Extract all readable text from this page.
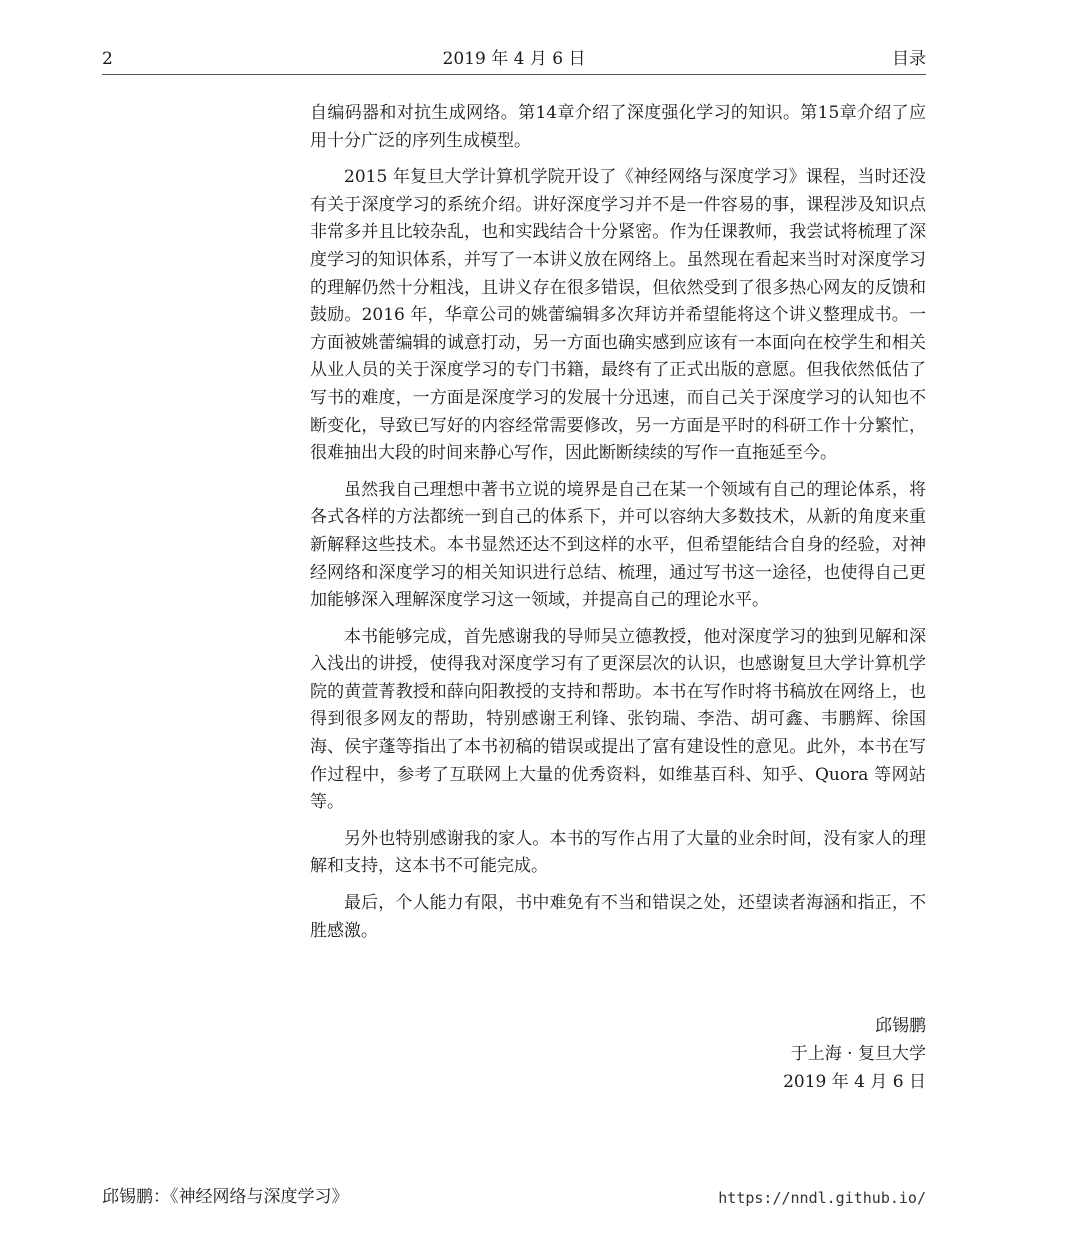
2	2019 年 4 月 6 日	目录

自编码器和对抗生成网络。第14章介绍了深度强化学习的知识。第15章介绍了应用十分广泛的序列生成模型。

2015 年复旦大学计算机学院开设了《神经网络与深度学习》课程，当时还没有关于深度学习的系统介绍。讲好深度学习并不是一件容易的事，课程涉及知识点非常多并且比较杂乱，也和实践结合十分紧密。作为任课教师，我尝试将梳理了深度学习的知识体系，并写了一本讲义放在网络上。虽然现在看起来当时对深度学习的理解仍然十分粗浅，且讲义存在很多错误，但依然受到了很多热心网友的反馈和鼓励。2016 年，华章公司的姚蕾编辑多次拜访并希望能将这个讲义整理成书。一方面被姚蕾编辑的诚意打动，另一方面也确实感到应该有一本面向在校学生和相关从业人员的关于深度学习的专门书籍，最终有了正式出版的意愿。但我依然低估了写书的难度，一方面是深度学习的发展十分迅速，而自己关于深度学习的认知也不断变化，导致已写好的内容经常需要修改，另一方面是平时的科研工作十分繁忙，很难抽出大段的时间来静心写作，因此断断续续的写作一直拖延至今。

虽然我自己理想中著书立说的境界是自己在某一个领域有自己的理论体系，将各式各样的方法都统一到自己的体系下，并可以容纳大多数技术，从新的角度来重新解释这些技术。本书显然还达不到这样的水平，但希望能结合自身的经验，对神经网络和深度学习的相关知识进行总结、梳理，通过写书这一途径，也使得自己更加能够深入理解深度学习这一领域，并提高自己的理论水平。

本书能够完成，首先感谢我的导师吴立德教授，他对深度学习的独到见解和深入浅出的讲授，使得我对深度学习有了更深层次的认识，也感谢复旦大学计算机学院的黄萱菁教授和薛向阳教授的支持和帮助。本书在写作时将书稿放在网络上，也得到很多网友的帮助，特别感谢王利锋、张钧瑞、李浩、胡可鑫、韦鹏辉、徐国海、侯宇蓬等指出了本书初稿的错误或提出了富有建设性的意见。此外，本书在写作过程中，参考了互联网上大量的优秀资料，如维基百科、知乎、Quora 等网站等。

另外也特别感谢我的家人。本书的写作占用了大量的业余时间，没有家人的理解和支持，这本书不可能完成。

最后，个人能力有限，书中难免有不当和错误之处，还望读者海涵和指正，不胜感激。

邱锡鹏
于上海 · 复旦大学
2019 年 4 月 6 日
邱锡鹏：《神经网络与深度学习》	https://nndl.github.io/
